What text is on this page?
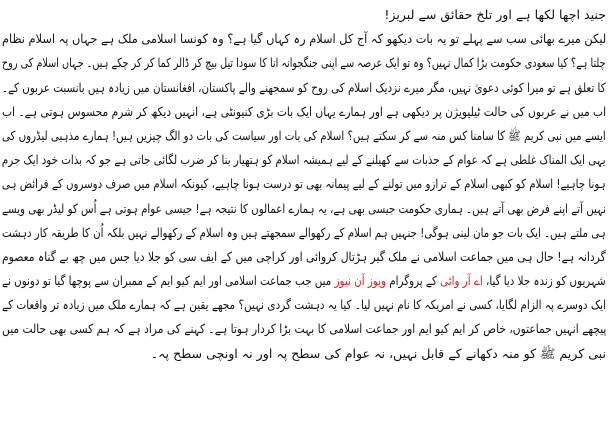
جنید اچھا لکھا ہے اور تلخ حقائق سے لبریز!
لیکن میرے بھائی سب سے پہلے تو یہ بات دیکھو کہ آج کل اسلام رہ کہاں گیا ہے؟ وہ کونسا اسلامی ملک ہے جہاں پہ اسلام نظام
چلتا ہے؟ کیا سعودی حکومت بڑا کمال نہیں؟ وہ تو ایک عرصہ سے اپنی جنگجوانہ انا کا سودا تیل بیچ کر ڈالر کما کر کر چکے ہیں۔ جہاں اسلام کی روح
کا تعلق ہے تو میرا کوئی دعویٰ نہیں، مگر میرے نزدیک اسلام کی روح کو سمجھنے والے پاکستان، افغانستان میں زیادہ ہیں بانسبت عربوں کے۔
اب میں نے عربوں کی حالت ٹیلیویژن پر دیکھی ہے اور ہمارے یہاں ایک بات بڑی کنیونٹی ہے، انہیں دیکھ کر شرم محسوس ہوتی ہے۔ اب
ایسے میں نبی کریم ﷺ کا سامنا کس منہ سے کر سکتے ہیں؟ اسلام کی بات اور سیاست کی بات دو الگ چیزیں ہیں! ہمارے مذہبی لیڈروں کی
یہی ایک المناک غلطی ہے کہ عوام کے جذبات سے کھیلنے کے لیے ہمیشہ اسلام کو ہتھیار بنا کر ضرب لگائی جاتی ہے جو کہ بذات خود ایک جرم
ہونا چاہیے! اسلام کو کبھی اسلام کے ترازو میں تولنے کے لیے پیمانہ بھی تو درست ہونا چاہیے، کیونکہ اسلام میں صرف دوسروں کے فرائض ہی
نہیں آتے اپنے فرض بھی آتے ہیں۔ ہماری حکومت جیسی بھی ہے، یہ ہمارے اعمالوں کا نتیجہ ہے! جیسی عوام ہوتی ہے اُس کو لیڈر بھی ویسے
ہی ملتے ہیں۔ ایک بات جو مان لینی ہوگی! جنہیں ہم اسلام کے رکھوالے سمجھتے ہیں وہ اسلام کے رکھوالے نہیں بلکہ اُن کا طریقہ کار دہشت
گردانہ ہے! حال ہی میں جماعت اسلامی نے ملک گیر ہڑتال کروائی اور کراچی میں کے ایف سی کو جلا دیا جس میں چھ بے گناہ معصوم
شہریوں کو زندہ جلا دیا گیا، اے آر وائی کے پروگرام ویوز آن نیوز میں جب جماعت اسلامی اور ایم کیو ایم کے ممبران سے پوچھا گیا تو دونوں نے
ایک دوسرے پہ الزام لگایا، کسی نے امریکہ کا نام نہیں لیا۔ کیا یہ دہشت گردی نہیں؟ مجھے یقین ہے کہ ہمارے ملک میں زیادہ تر واقعات کے
پیچھے انہیں جماعتوں، خاص کر ایم کیو ایم اور جماعت اسلامی کا بہت بڑا کردار ہوتا ہے۔ کہنے کی مراد ہے کہ ہم کسی بھی حالت میں
نبی کریم ﷺ کو منہ دکھانے کے قابل نہیں، نہ عوام کی سطح پہ اور نہ اونچی سطح پہ۔
